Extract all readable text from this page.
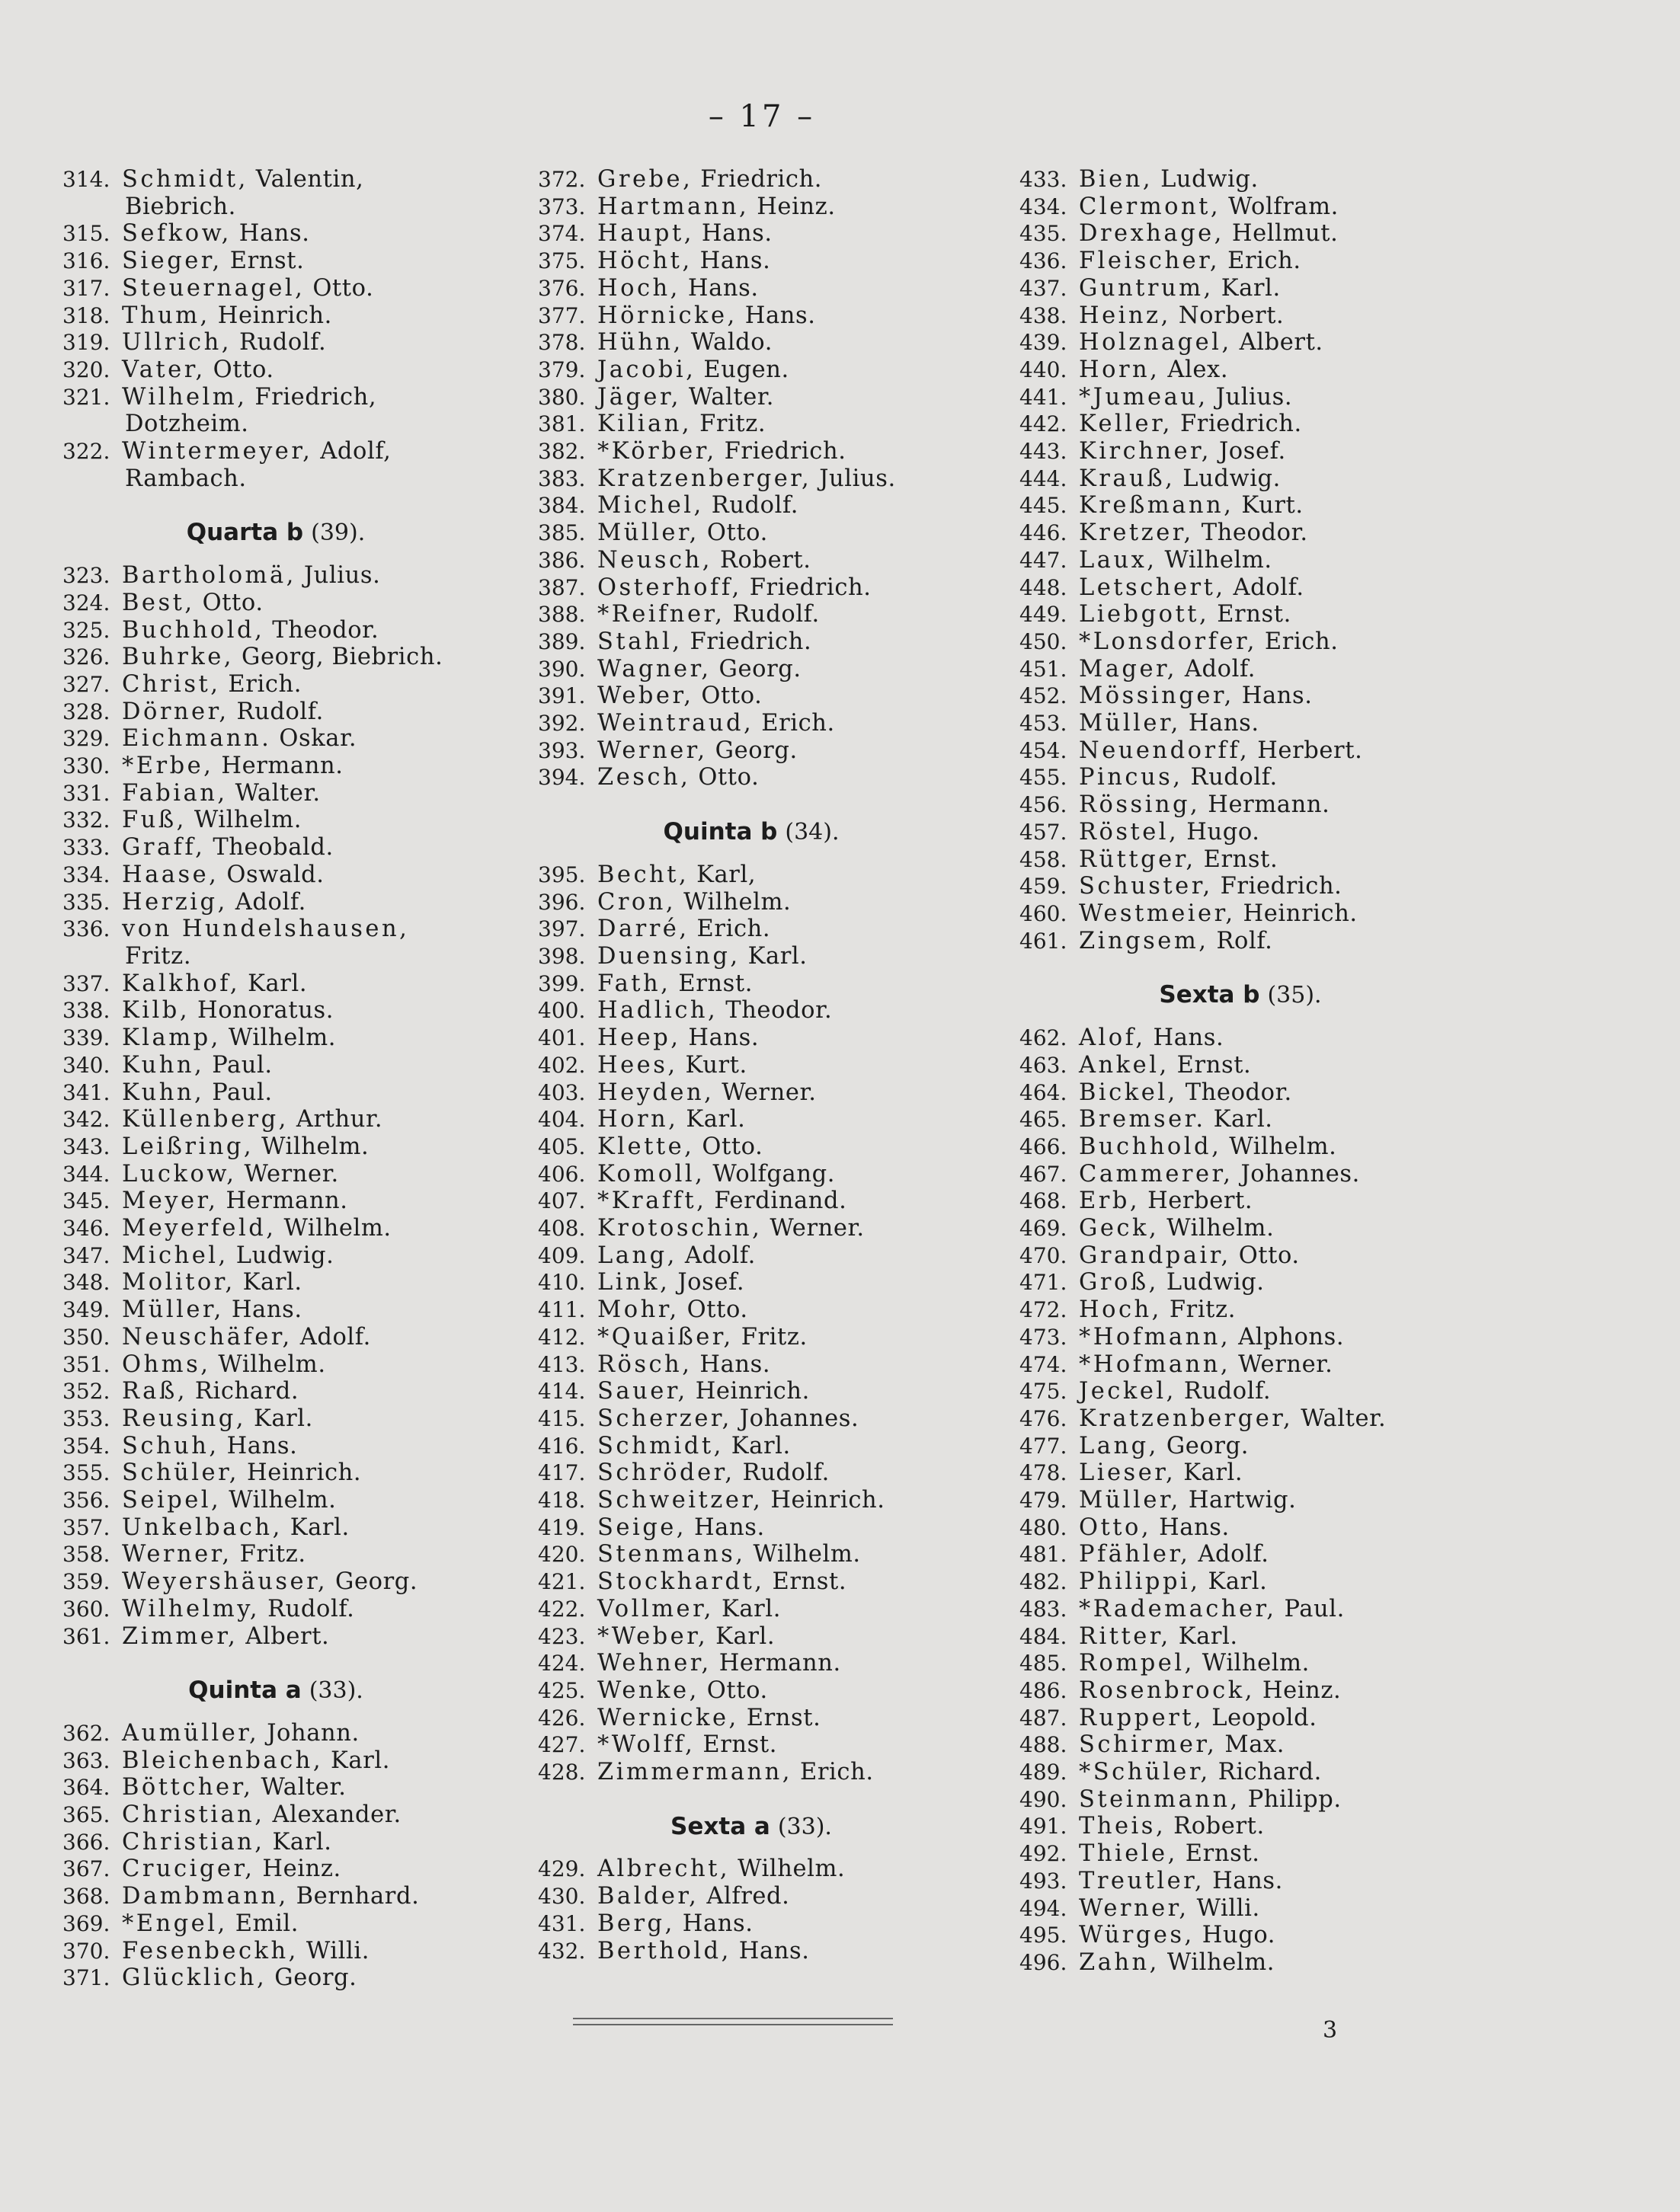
– 17 –
314. Schmidt, Valentin,
Biebrich.
315. Sefkow, Hans.
316. Sieger, Ernst.
317. Steuernagel, Otto.
318. Thum, Heinrich.
319. Ullrich, Rudolf.
320. Vater, Otto.
321. Wilhelm, Friedrich,
Dotzheim.
322. Wintermeyer, Adolf,
Rambach.
Quarta b (39).
323. Bartholomä, Julius.
324. Best, Otto.
325. Buchhold, Theodor.
326. Buhrke, Georg, Biebrich.
327. Christ, Erich.
328. Dörner, Rudolf.
329. Eichmann. Oskar.
330. *Erbe, Hermann.
331. Fabian, Walter.
332. Fuß, Wilhelm.
333. Graff, Theobald.
334. Haase, Oswald.
335. Herzig, Adolf.
336. von Hundelshausen,
Fritz.
337. Kalkhof, Karl.
338. Kilb, Honoratus.
339. Klamp, Wilhelm.
340. Kuhn, Paul.
341. Kuhn, Paul.
342. Küllenberg, Arthur.
343. Leißring, Wilhelm.
344. Luckow, Werner.
345. Meyer, Hermann.
346. Meyerfeld, Wilhelm.
347. Michel, Ludwig.
348. Molitor, Karl.
349. Müller, Hans.
350. Neuschäfer, Adolf.
351. Ohms, Wilhelm.
352. Raß, Richard.
353. Reusing, Karl.
354. Schuh, Hans.
355. Schüler, Heinrich.
356. Seipel, Wilhelm.
357. Unkelbach, Karl.
358. Werner, Fritz.
359. Weyershäuser, Georg.
360. Wilhelmy, Rudolf.
361. Zimmer, Albert.
Quinta a (33).
362. Aumüller, Johann.
363. Bleichenbach, Karl.
364. Böttcher, Walter.
365. Christian, Alexander.
366. Christian, Karl.
367. Cruciger, Heinz.
368. Dambmann, Bernhard.
369. *Engel, Emil.
370. Fesenbeckh, Willi.
371. Glücklich, Georg.
372. Grebe, Friedrich.
373. Hartmann, Heinz.
374. Haupt, Hans.
375. Höcht, Hans.
376. Hoch, Hans.
377. Hörnicke, Hans.
378. Hühn, Waldo.
379. Jacobi, Eugen.
380. Jäger, Walter.
381. Kilian, Fritz.
382. *Körber, Friedrich.
383. Kratzenberger, Julius.
384. Michel, Rudolf.
385. Müller, Otto.
386. Neusch, Robert.
387. Osterhoff, Friedrich.
388. *Reifner, Rudolf.
389. Stahl, Friedrich.
390. Wagner, Georg.
391. Weber, Otto.
392. Weintraud, Erich.
393. Werner, Georg.
394. Zesch, Otto.
Quinta b (34).
395. Becht, Karl,
396. Cron, Wilhelm.
397. Darré, Erich.
398. Duensing, Karl.
399. Fath, Ernst.
400. Hadlich, Theodor.
401. Heep, Hans.
402. Hees, Kurt.
403. Heyden, Werner.
404. Horn, Karl.
405. Klette, Otto.
406. Komoll, Wolfgang.
407. *Krafft, Ferdinand.
408. Krotoschin, Werner.
409. Lang, Adolf.
410. Link, Josef.
411. Mohr, Otto.
412. *Quaißer, Fritz.
413. Rösch, Hans.
414. Sauer, Heinrich.
415. Scherzer, Johannes.
416. Schmidt, Karl.
417. Schröder, Rudolf.
418. Schweitzer, Heinrich.
419. Seige, Hans.
420. Stenmans, Wilhelm.
421. Stockhardt, Ernst.
422. Vollmer, Karl.
423. *Weber, Karl.
424. Wehner, Hermann.
425. Wenke, Otto.
426. Wernicke, Ernst.
427. *Wolff, Ernst.
428. Zimmermann, Erich.
Sexta a (33).
429. Albrecht, Wilhelm.
430. Balder, Alfred.
431. Berg, Hans.
432. Berthold, Hans.
433. Bien, Ludwig.
434. Clermont, Wolfram.
435. Drexhage, Hellmut.
436. Fleischer, Erich.
437. Guntrum, Karl.
438. Heinz, Norbert.
439. Holznagel, Albert.
440. Horn, Alex.
441. *Jumeau, Julius.
442. Keller, Friedrich.
443. Kirchner, Josef.
444. Krauß, Ludwig.
445. Kreßmann, Kurt.
446. Kretzer, Theodor.
447. Laux, Wilhelm.
448. Letschert, Adolf.
449. Liebgott, Ernst.
450. *Lonsdorfer, Erich.
451. Mager, Adolf.
452. Mössinger, Hans.
453. Müller, Hans.
454. Neuendorff, Herbert.
455. Pincus, Rudolf.
456. Rössing, Hermann.
457. Röstel, Hugo.
458. Rüttger, Ernst.
459. Schuster, Friedrich.
460. Westmeier, Heinrich.
461. Zingsem, Rolf.
Sexta b (35).
462. Alof, Hans.
463. Ankel, Ernst.
464. Bickel, Theodor.
465. Bremser. Karl.
466. Buchhold, Wilhelm.
467. Cammerer, Johannes.
468. Erb, Herbert.
469. Geck, Wilhelm.
470. Grandpair, Otto.
471. Groß, Ludwig.
472. Hoch, Fritz.
473. *Hofmann, Alphons.
474. *Hofmann, Werner.
475. Jeckel, Rudolf.
476. Kratzenberger, Walter.
477. Lang, Georg.
478. Lieser, Karl.
479. Müller, Hartwig.
480. Otto, Hans.
481. Pfähler, Adolf.
482. Philippi, Karl.
483. *Rademacher, Paul.
484. Ritter, Karl.
485. Rompel, Wilhelm.
486. Rosenbrock, Heinz.
487. Ruppert, Leopold.
488. Schirmer, Max.
489. *Schüler, Richard.
490. Steinmann, Philipp.
491. Theis, Robert.
492. Thiele, Ernst.
493. Treutler, Hans.
494. Werner, Willi.
495. Würges, Hugo.
496. Zahn, Wilhelm.
3
